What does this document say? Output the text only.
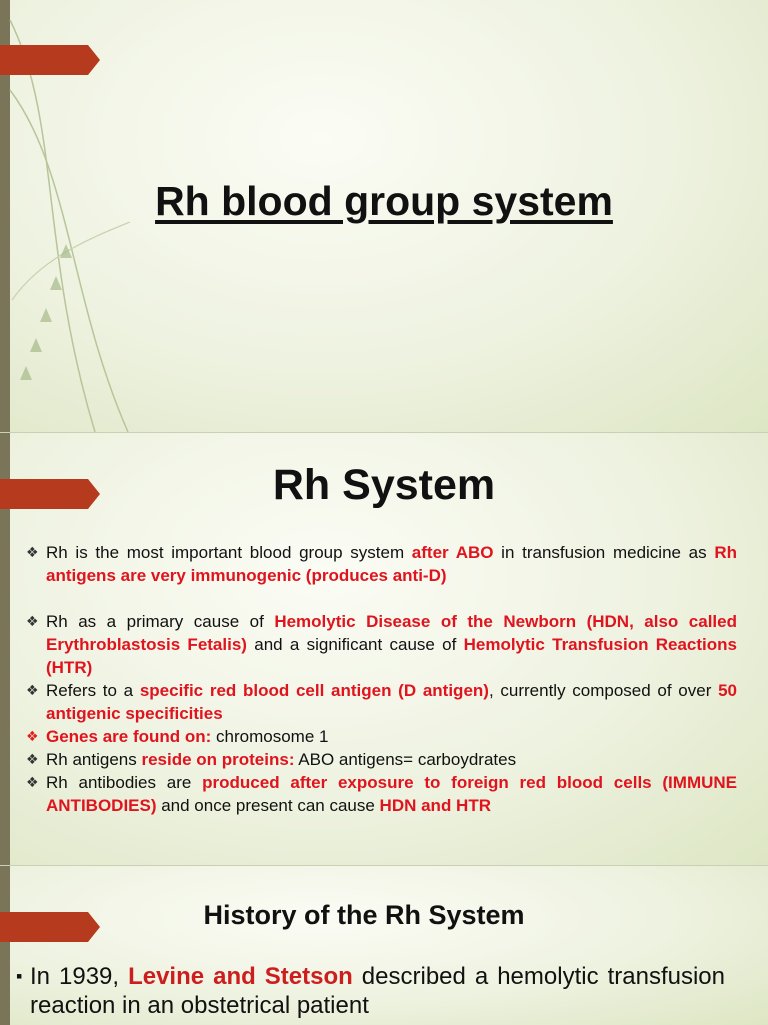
Rh blood group system
Rh System
❖ Rh is the most important blood group system after ABO in transfusion medicine as Rh antigens are very immunogenic (produces anti-D)
❖ Rh as a primary cause of Hemolytic Disease of the Newborn (HDN, also called Erythroblastosis Fetalis) and a significant cause of Hemolytic Transfusion Reactions (HTR)
❖ Refers to a specific red blood cell antigen (D antigen), currently composed of over 50 antigenic specificities
❖ Genes are found on: chromosome 1
❖ Rh antigens reside on proteins: ABO antigens= carboydrates
❖ Rh antibodies are produced after exposure to foreign red blood cells (IMMUNE ANTIBODIES) and once present can cause HDN and HTR
History of the Rh System
▪ In 1939, Levine and Stetson described a hemolytic transfusion reaction in an obstetrical patient
